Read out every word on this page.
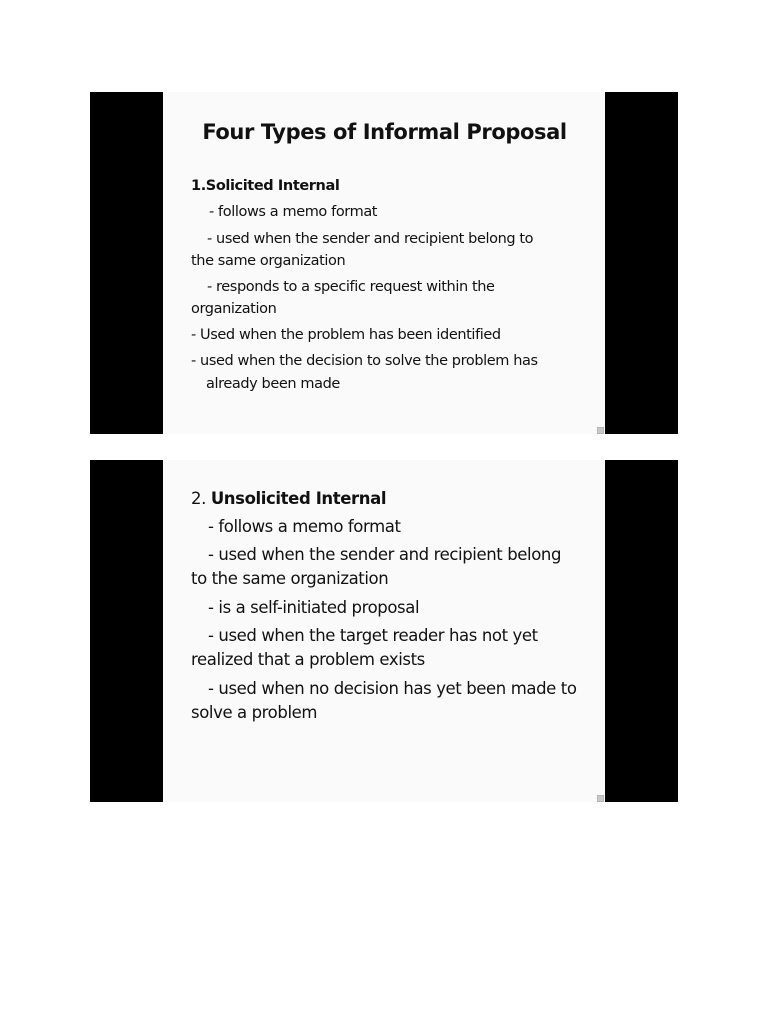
Four Types of Informal Proposal

1.Solicited Internal

- follows a memo format

- used when the sender and recipient belong to

the same organization

- responds to a specific request within the

organization

- Used when the problem has been identified

- used when the decision to solve the problem has

already been made

2. Unsolicited Internal

- follows a memo format

- used when the sender and recipient belong

to the same organization

- is a self-initiated proposal

- used when the target reader has not yet

realized that a problem exists

- used when no decision has yet been made to

solve a problem
